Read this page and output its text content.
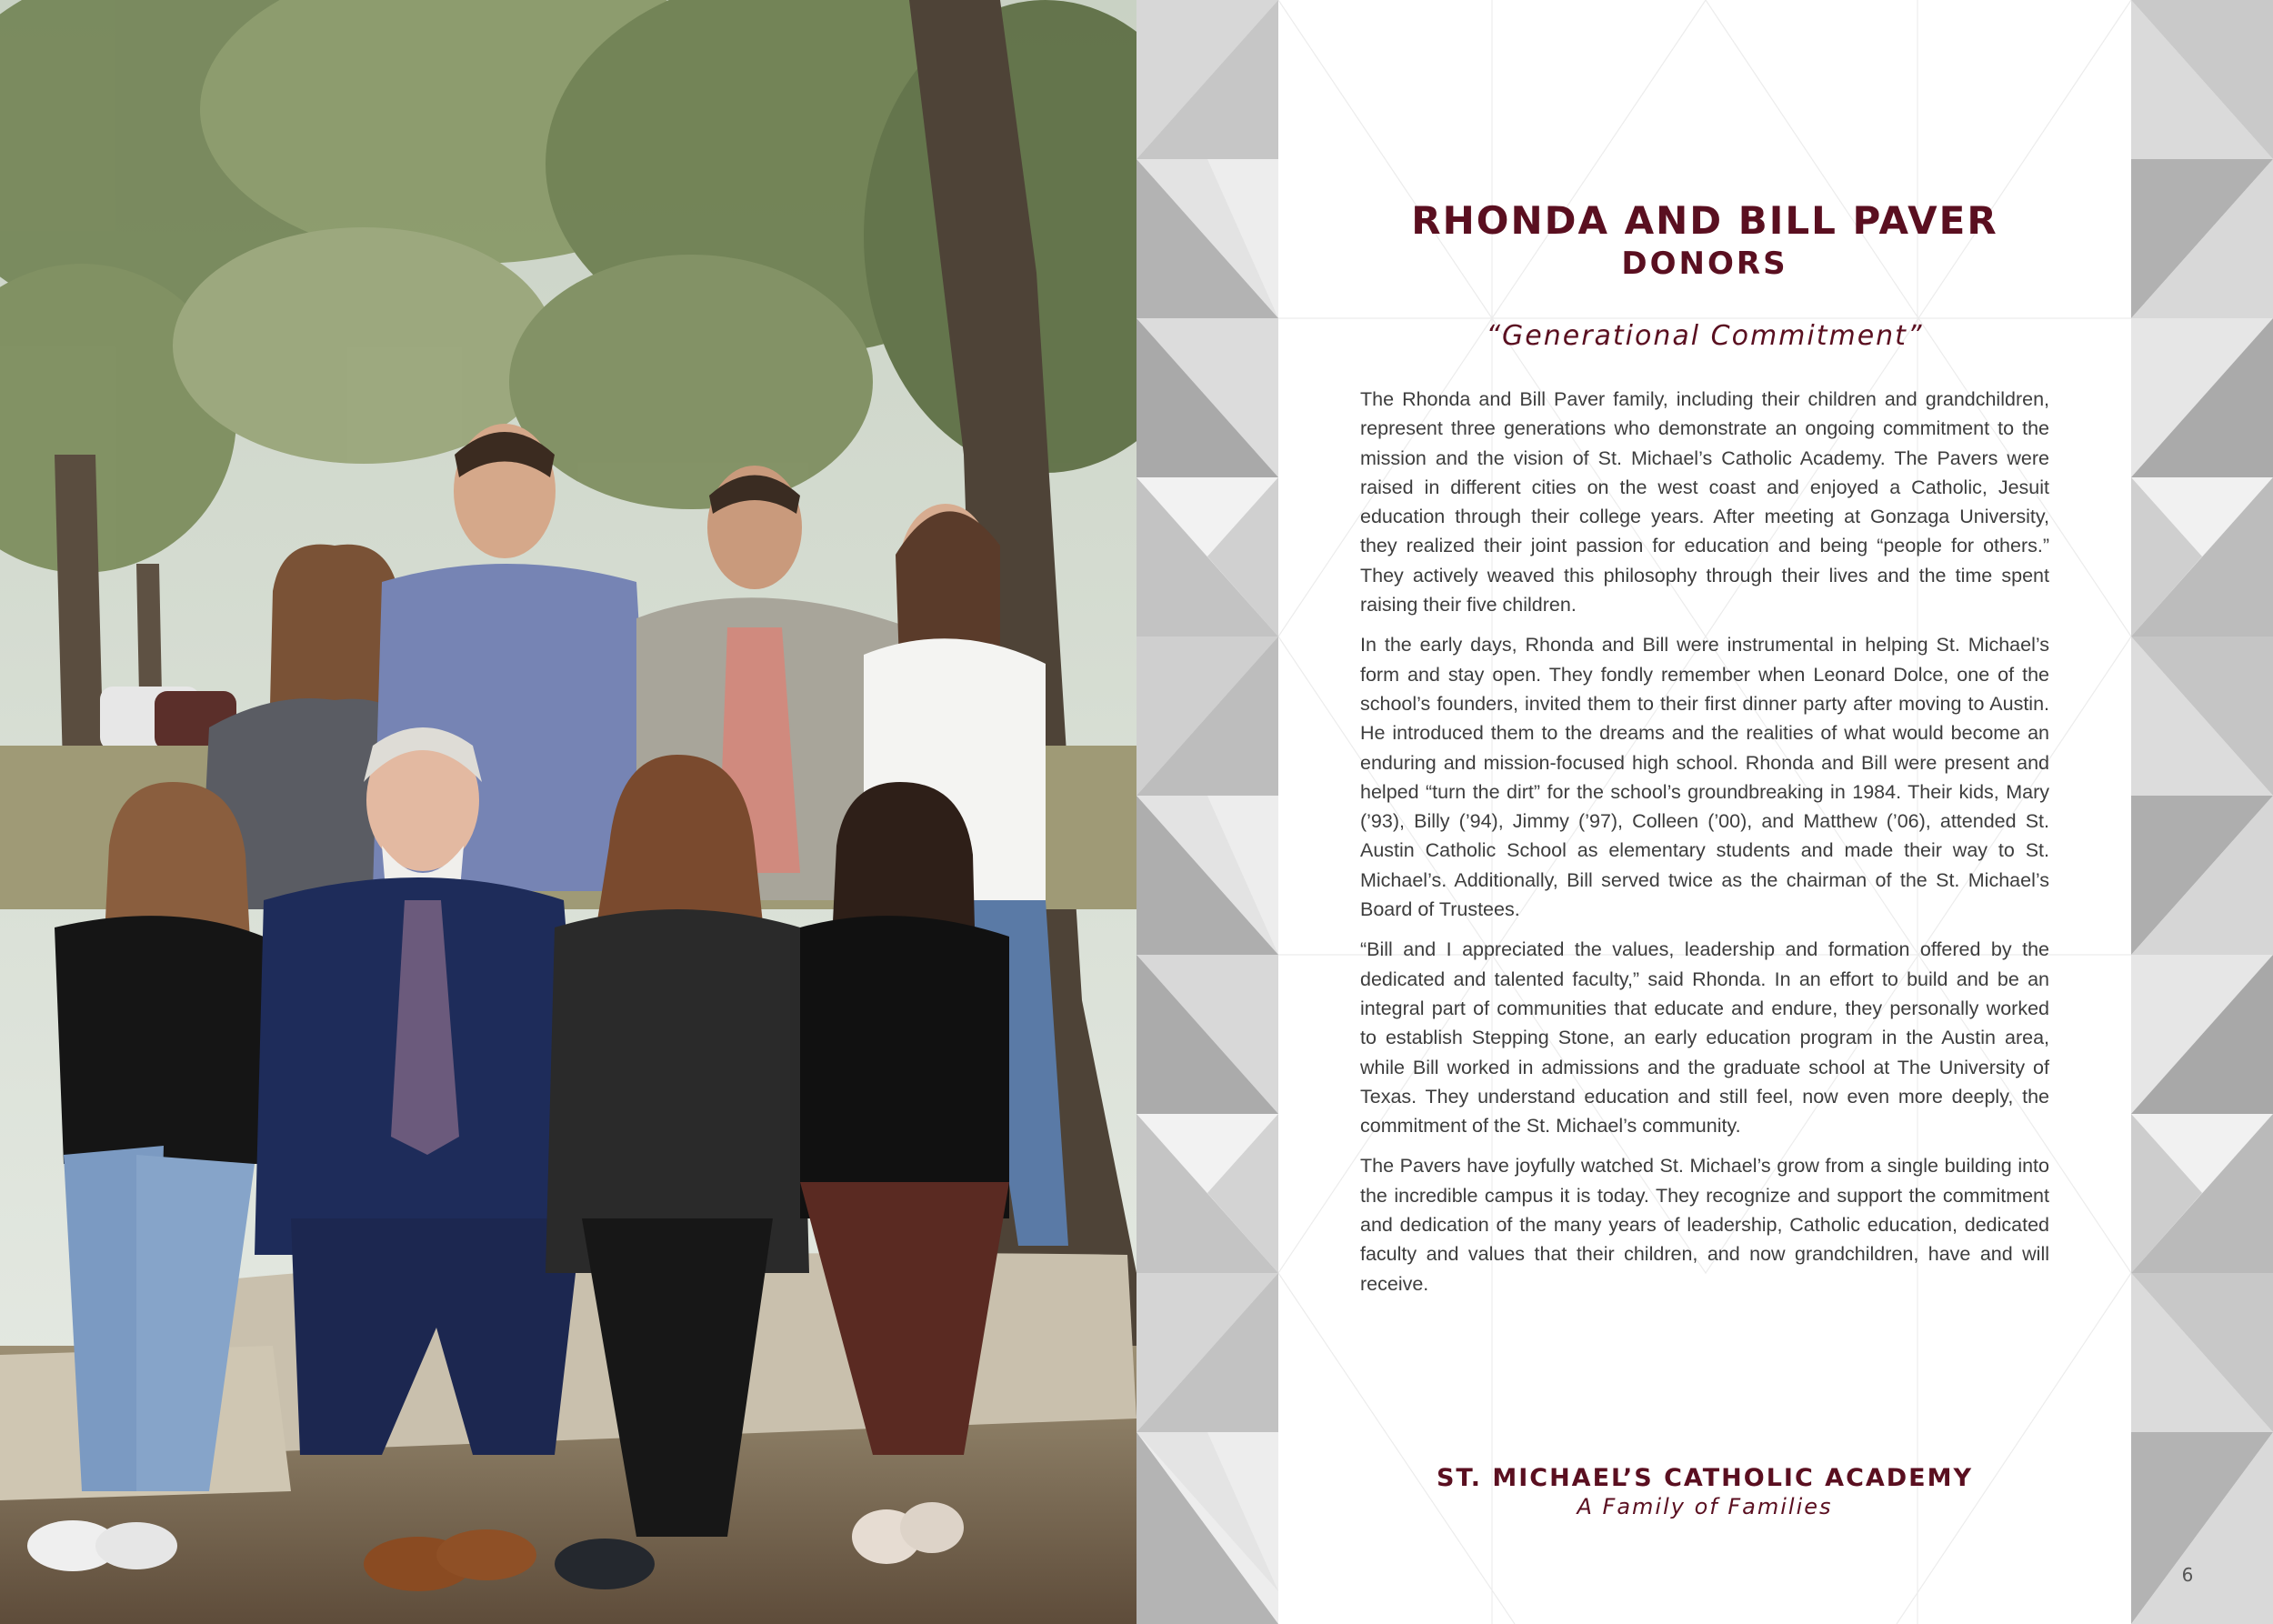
RHONDA AND BILL PAVER
DONORS

“Generational Commitment”

The Rhonda and Bill Paver family, including their children and grandchildren, represent three generations who demonstrate an ongoing commitment to the mission and the vision of St. Michael’s Catholic Academy. The Pavers were raised in different cities on the west coast and enjoyed a Catholic, Jesuit education through their college years. After meeting at Gonzaga University, they realized their joint passion for education and being “people for others.” They actively weaved this philosophy through their lives and the time spent raising their five children.

In the early days, Rhonda and Bill were instrumental in helping St. Michael’s form and stay open. They fondly remember when Leonard Dolce, one of the school’s founders, invited them to their first dinner party after moving to Austin. He introduced them to the dreams and the realities of what would become an enduring and mission-focused high school. Rhonda and Bill were present and helped “turn the dirt” for the school’s groundbreaking in 1984. Their kids, Mary (’93), Billy (’94), Jimmy (’97), Colleen (’00), and Matthew (’06), attended St. Austin Catholic School as elementary students and made their way to St. Michael’s. Additionally, Bill served twice as the chairman of the St. Michael’s Board of Trustees.

“Bill and I appreciated the values, leadership and formation offered by the dedicated and talented faculty,” said Rhonda. In an effort to build and be an integral part of communities that educate and endure, they personally worked to establish Stepping Stone, an early education program in the Austin area, while Bill worked in admissions and the graduate school at The University of Texas. They understand education and still feel, now even more deeply, the commitment of the St. Michael’s community.

The Pavers have joyfully watched St. Michael’s grow from a single building into the incredible campus it is today. They recognize and support the commitment and dedication of the many years of leadership, Catholic education, dedicated faculty and values that their children, and now grandchildren, have and will receive.

ST. MICHAEL’S CATHOLIC ACADEMY

A Family of Families

6
